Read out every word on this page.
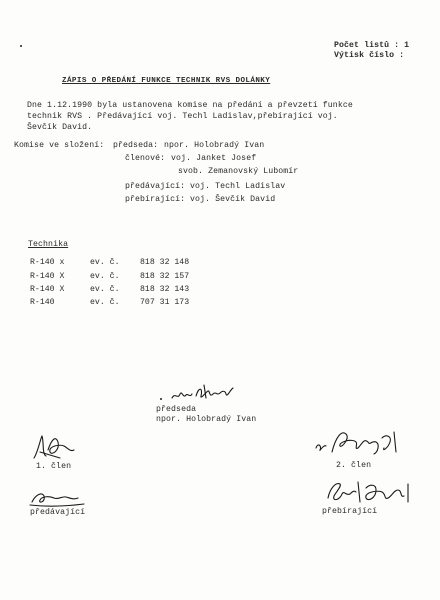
Počet listů : 1
Výtisk číslo :
ZÁPIS O PŘEDÁNÍ FUNKCE TECHNIK RVS DOLÁNKY
Dne 1.12.1990 byla ustanovena komise na předání a převzetí funkce
technik RVS . Předávající voj. Techl Ladislav,přebírající voj.
Ševčík David.
Komise ve složení: předseda: npor. Holobradý Ivan
členové: voj. Janket Josef
svob. Zemanovský Lubomír
předávající: voj. Techl Ladislav
přebírající: voj. Ševčík David
Technika
R-140 x	ev. č.	818 32 148
R-140 X	ev. č.	818 32 157
R-140 X	ev. č.	818 32 143
R-140	ev. č.	707 31 173
předseda
npor. Holobradý Ivan
1. člen	2. člen
předávající	přebírající
